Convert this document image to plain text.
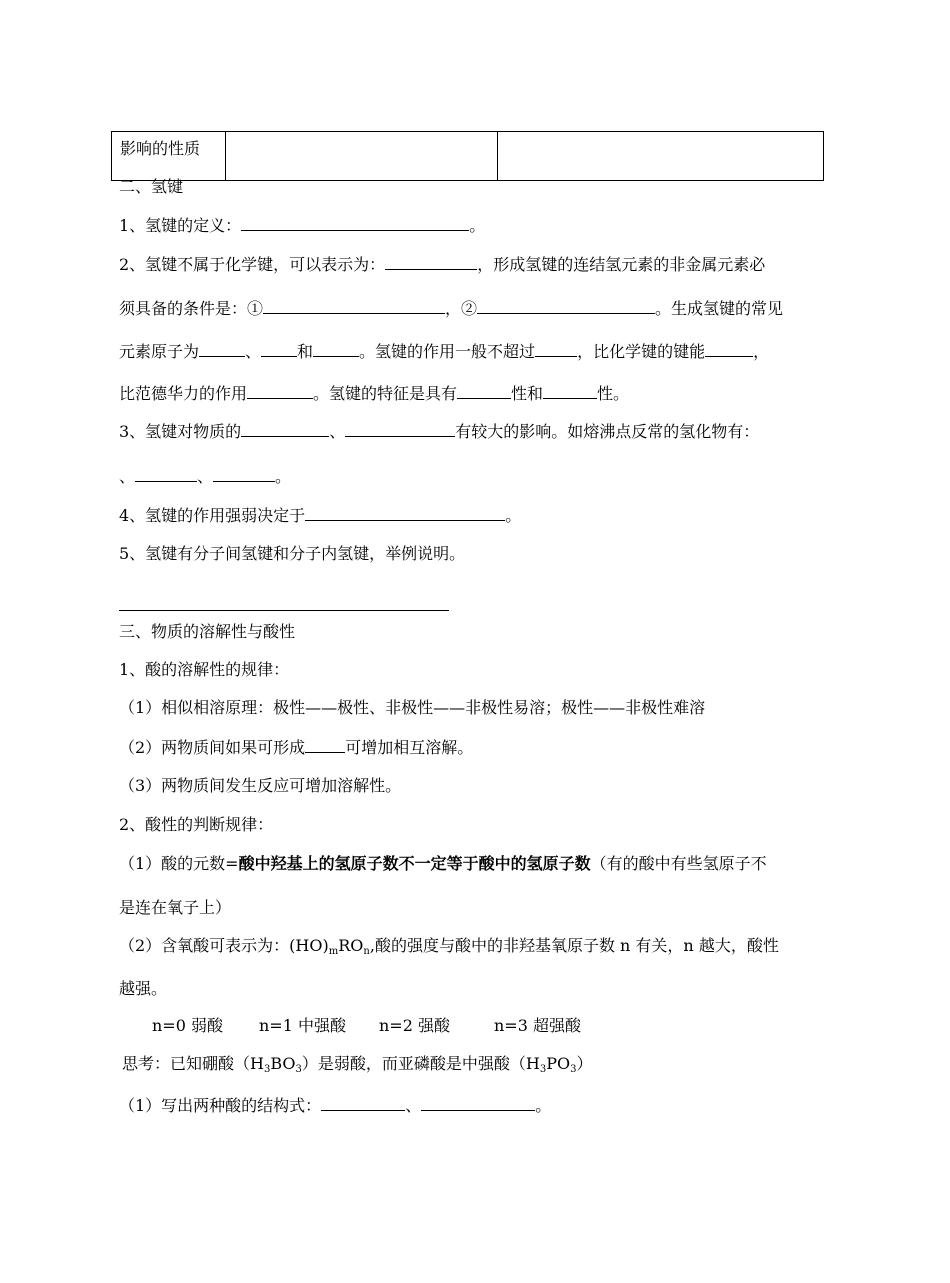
影响的性质		
二、氢键
1、氢键的定义：	。
2、氢键不属于化学键，可以表示为：	，形成氢键的连结氢元素的非金属元素必
须具备的条件是：①	，②	。生成氢键的常见
元素原子为	、 和	。氢键的作用一般不超过	，比化学键的键能	，
比范德华力的作用	。氢键的特征是具有	性和	性。
3、氢键对物质的	、	有较大的影响。如熔沸点反常的氢化物有：
、	、	。
4、氢键的作用强弱决定于	。
5、氢键有分子间氢键和分子内氢键，举例说明。
三、物质的溶解性与酸性
1、酸的溶解性的规律：
（1）相似相溶原理：极性——极性、非极性——非极性易溶；极性——非极性难溶
（2）两物质间如果可形成	可增加相互溶解。
（3）两物质间发生反应可增加溶解性。
2、酸性的判断规律：
（1）酸的元数=酸中羟基上的氢原子数不一定等于酸中的氢原子数（有的酸中有些氢原子不
是连在氧子上）
（2）含氧酸可表示为：$(HO)_mRO_n$,酸的强度与酸中的非羟基氧原子数 n 有关，n 越大，酸性
越强。
n=0 弱酸 n=1 中强酸 n=2 强酸	n=3 超强酸
思考：已知硼酸$(H_3BO_3)$是弱酸，而亚磷酸是中强酸$(H_3PO_3)$
（1）写出两种酸的结构式：	、	。
